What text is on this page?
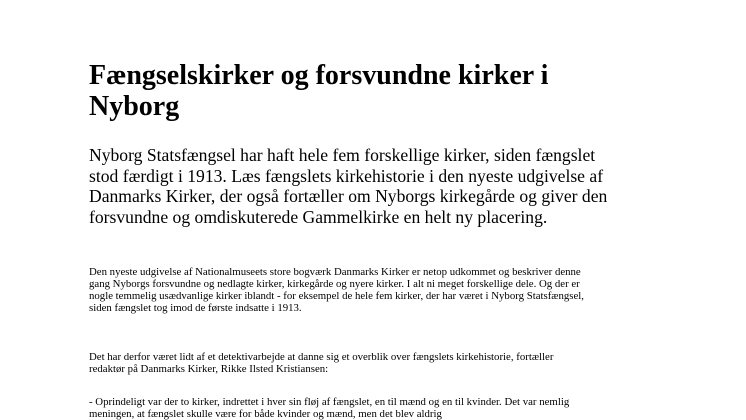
Fængselskirker og forsvundne kirker i Nyborg

Nyborg Statsfængsel har haft hele fem forskellige kirker, siden fængslet stod færdigt i 1913. Læs fængslets kirkehistorie i den nyeste udgivelse af Danmarks Kirker, der også fortæller om Nyborgs kirkegårde og giver den forsvundne og omdiskuterede Gammelkirke en helt ny placering.

Den nyeste udgivelse af Nationalmuseets store bogværk Danmarks Kirker er netop udkommet og beskriver denne gang Nyborgs forsvundne og nedlagte kirker, kirkegårde og nyere kirker. I alt ni meget forskellige dele. Og der er nogle temmelig usædvanlige kirker iblandt - for eksempel de hele fem kirker, der har været i Nyborg Statsfængsel, siden fængslet tog imod de første indsatte i 1913.

Det har derfor været lidt af et detektivarbejde at danne sig et overblik over fængslets kirkehistorie, fortæller redaktør på Danmarks Kirker, Rikke Ilsted Kristiansen:

- Oprindeligt var der to kirker, indrettet i hver sin fløj af fængslet, en til mænd og en til kvinder. Det var nemlig meningen, at fængslet skulle være for både kvinder og mænd, men det blev aldrig
